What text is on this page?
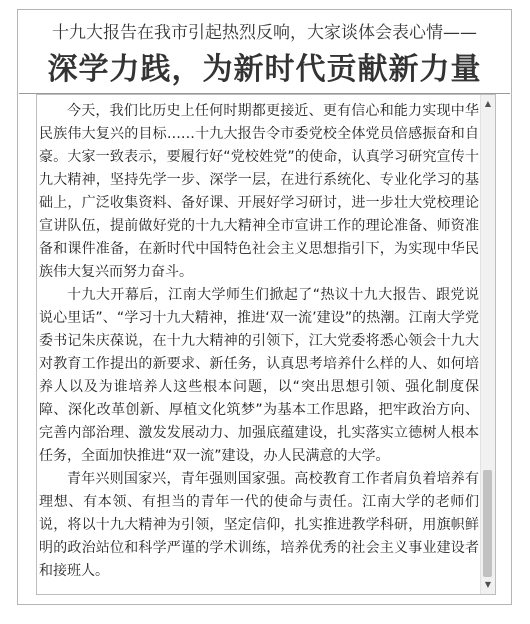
十九大报告在我市引起热烈反响，大家谈体会表心情——
深学力践，为新时代贡献新力量

今天，我们比历史上任何时期都更接近、更有信心和能力实现中华民族伟大复兴的目标……十九大报告令市委党校全体党员倍感振奋和自豪。大家一致表示，要履行好“党校姓党”的使命，认真学习研究宣传十九大精神，坚持先学一步、深学一层，在进行系统化、专业化学习的基础上，广泛收集资料、备好课、开展好学习研讨，进一步壮大党校理论宣讲队伍，提前做好党的十九大精神全市宣讲工作的理论准备、师资准备和课件准备，在新时代中国特色社会主义思想指引下，为实现中华民族伟大复兴而努力奋斗。

十九大开幕后，江南大学师生们掀起了“热议十九大报告、跟党说说心里话”、“学习十九大精神，推进‘双一流’建设”的热潮。江南大学党委书记朱庆葆说，在十九大精神的引领下，江大党委将悉心领会十九大对教育工作提出的新要求、新任务，认真思考培养什么样的人、如何培养人以及为谁培养人这些根本问题，以“突出思想引领、强化制度保障、深化改革创新、厚植文化筑梦”为基本工作思路，把牢政治方向、完善内部治理、激发发展动力、加强底蕴建设，扎实落实立德树人根本任务，全面加快推进“双一流”建设，办人民满意的大学。

青年兴则国家兴，青年强则国家强。高校教育工作者肩负着培养有理想、有本领、有担当的青年一代的使命与责任。江南大学的老师们说，将以十九大精神为引领，坚定信仰，扎实推进教学科研，用旗帜鲜明的政治站位和科学严谨的学术训练，培养优秀的社会主义事业建设者和接班人。

▲
▼
